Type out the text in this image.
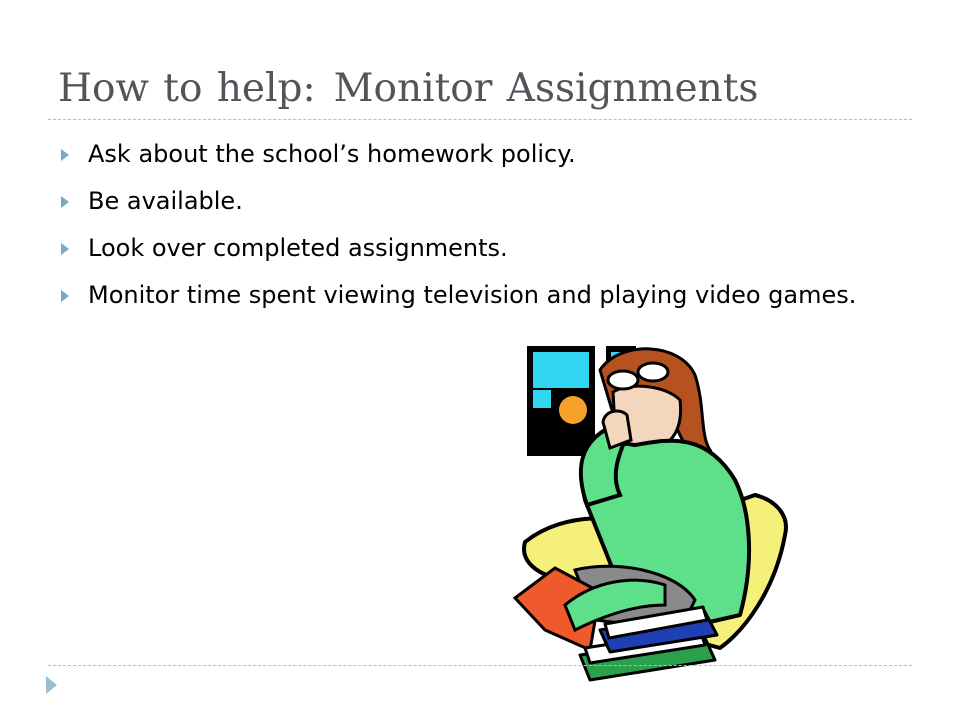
How to help: Monitor Assignments
Ask about the school’s homework policy.
Be available.
Look over completed assignments.
Monitor time spent viewing television and playing video games.
